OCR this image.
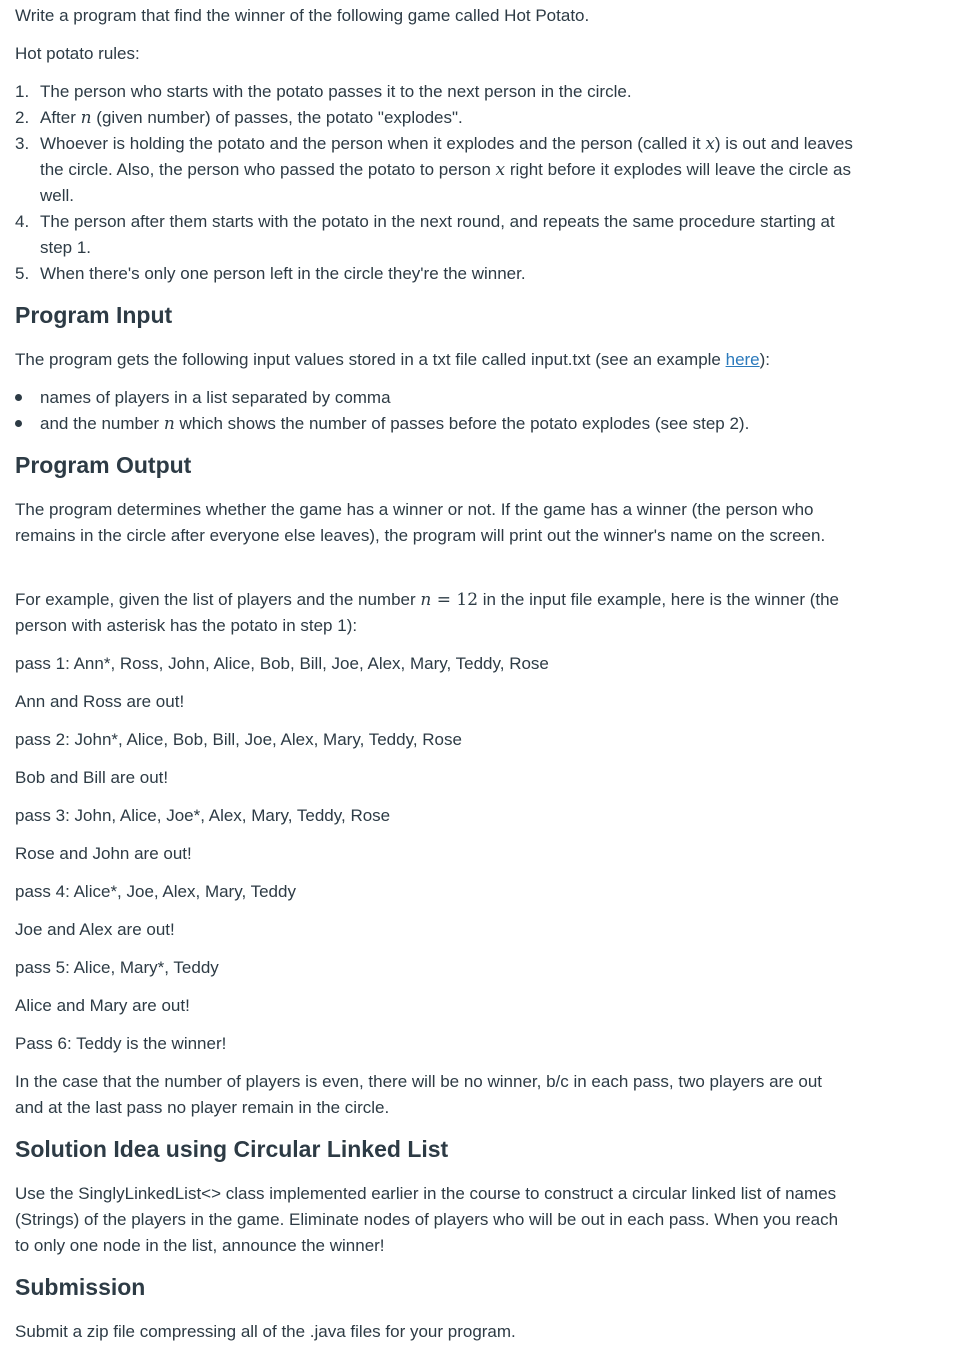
Write a program that find the winner of the following game called Hot Potato.

Hot potato rules:

1. The person who starts with the potato passes it to the next person in the circle.
2. After n (given number) of passes, the potato "explodes".
3. Whoever is holding the potato and the person when it explodes and the person (called it x) is out and leaves the circle. Also, the person who passed the potato to person x right before it explodes will leave the circle as well.
4. The person after them starts with the potato in the next round, and repeats the same procedure starting at step 1.
5. When there's only one person left in the circle they're the winner.
Program Input

The program gets the following input values stored in a txt file called input.txt (see an example here):

names of players in a list separated by comma
and the number n which shows the number of passes before the potato explodes (see step 2).
Program Output

The program determines whether the game has a winner or not. If the game has a winner (the person who remains in the circle after everyone else leaves), the program will print out the winner's name on the screen.

For example, given the list of players and the number n = 12 in the input file example, here is the winner (the person with asterisk has the potato in step 1):

pass 1: Ann*, Ross, John, Alice, Bob, Bill, Joe, Alex, Mary, Teddy, Rose

Ann and Ross are out!

pass 2: John*, Alice, Bob, Bill, Joe, Alex, Mary, Teddy, Rose

Bob and Bill are out!

pass 3: John, Alice, Joe*, Alex, Mary, Teddy, Rose

Rose and John are out!

pass 4: Alice*, Joe, Alex, Mary, Teddy

Joe and Alex are out!

pass 5: Alice, Mary*, Teddy

Alice and Mary are out!

Pass 6: Teddy is the winner!

In the case that the number of players is even, there will be no winner, b/c in each pass, two players are out and at the last pass no player remain in the circle.

Solution Idea using Circular Linked List

Use the SinglyLinkedList<> class implemented earlier in the course to construct a circular linked list of names (Strings) of the players in the game. Eliminate nodes of players who will be out in each pass. When you reach to only one node in the list, announce the winner!

Submission

Submit a zip file compressing all of the .java files for your program.
